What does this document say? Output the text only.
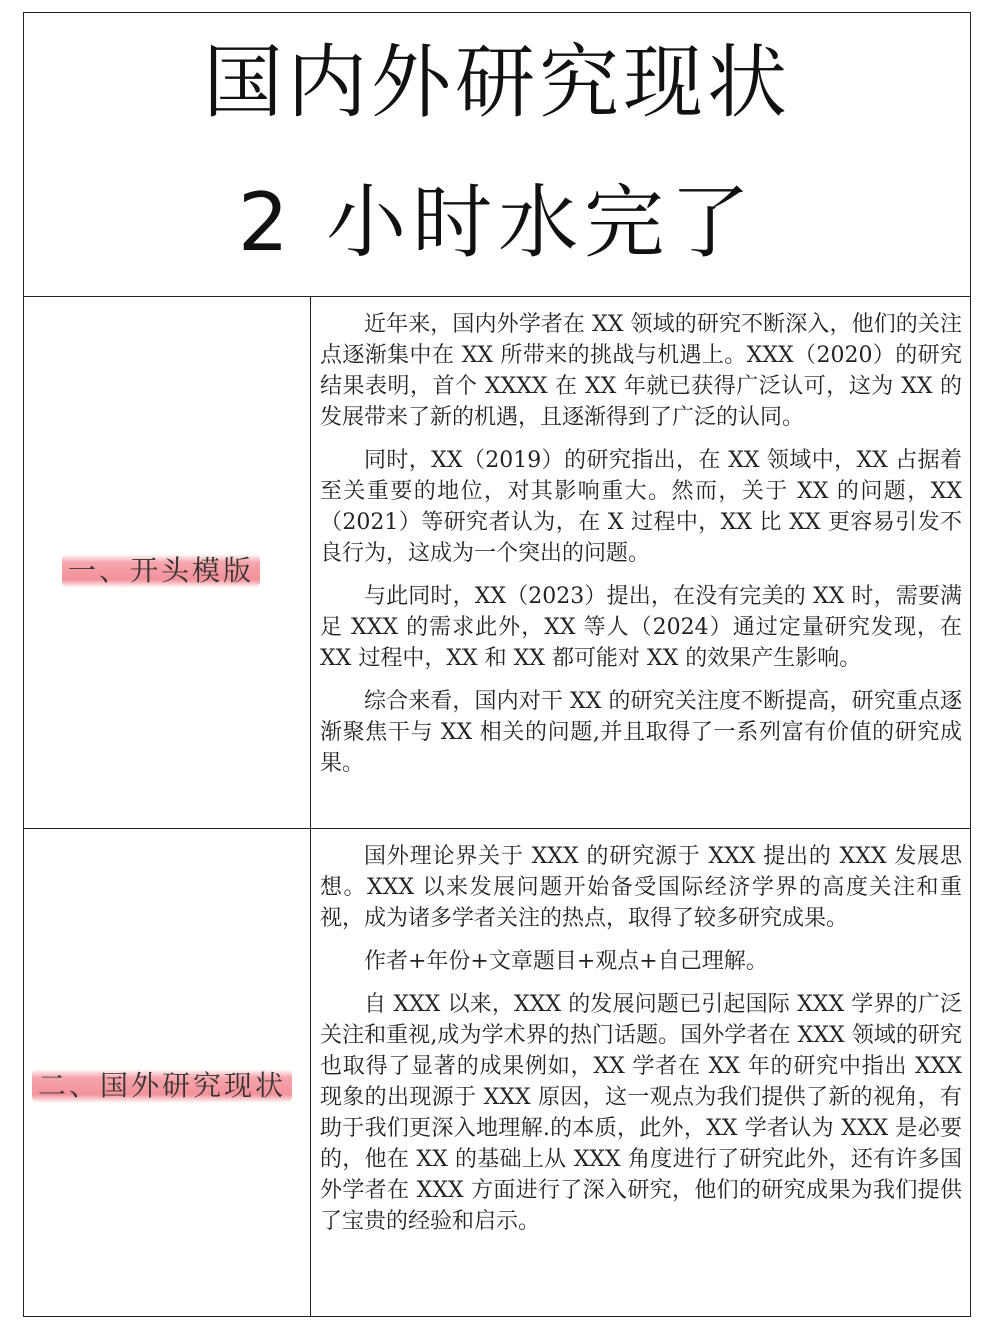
国内外研究现状
2 小时水完了
一、开头模版

近年来，国内外学者在 XX 领域的研究不断深入，他们的关注点逐渐集中在 XX 所带来的挑战与机遇上。XXX（2020）的研究结果表明，首个 XXXX 在 XX 年就已获得广泛认可，这为 XX 的发展带来了新的机遇，且逐渐得到了广泛的认同。

同时，XX（2019）的研究指出，在 XX 领域中，XX 占据着至关重要的地位，对其影响重大。然而，关于 XX 的问题，XX（2021）等研究者认为，在 X 过程中，XX 比 XX 更容易引发不良行为，这成为一个突出的问题。

与此同时，XX（2023）提出，在没有完美的 XX 时，需要满足 XXX 的需求此外，XX 等人（2024）通过定量研究发现，在 XX 过程中，XX 和 XX 都可能对 XX 的效果产生影响。

综合来看，国内对干 XX 的研究关注度不断提高，研究重点逐渐聚焦干与 XX 相关的问题,并且取得了一系列富有价值的研究成果。

二、国外研究现状

国外理论界关于 XXX 的研究源于 XXX 提出的 XXX 发展思想。XXX 以来发展问题开始备受国际经济学界的高度关注和重视，成为诸多学者关注的热点，取得了较多研究成果。

作者+年份+文章题目+观点+自己理解。

自 XXX 以来，XXX 的发展问题已引起国际 XXX 学界的广泛关注和重视,成为学术界的热门话题。国外学者在 XXX 领域的研究也取得了显著的成果例如，XX 学者在 XX 年的研究中指出 XXX 现象的出现源于 XXX 原因，这一观点为我们提供了新的视角，有助于我们更深入地理解.的本质，此外，XX 学者认为 XXX 是必要的，他在 XX 的基础上从 XXX 角度进行了研究此外，还有许多国外学者在 XXX 方面进行了深入研究，他们的研究成果为我们提供了宝贵的经验和启示。
